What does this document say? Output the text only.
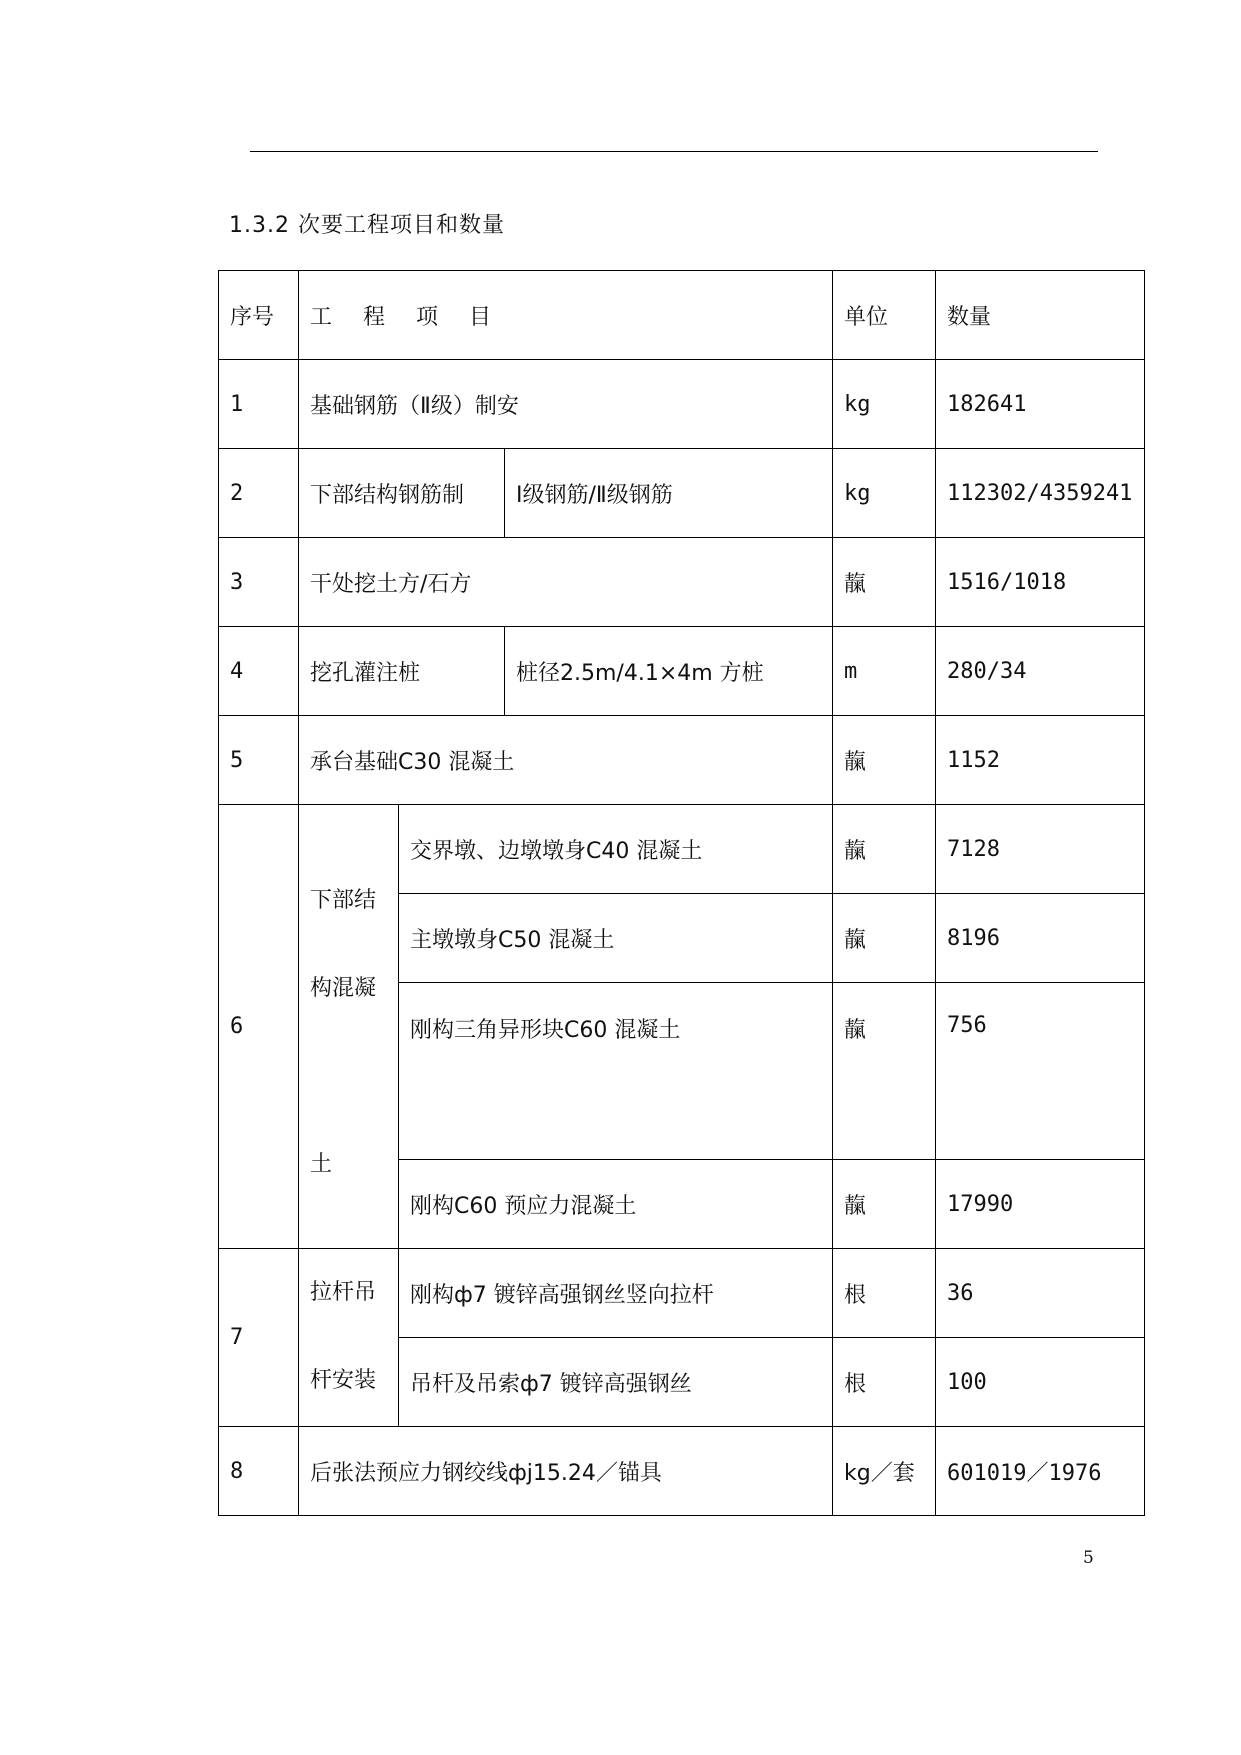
1.3.2 次要工程项目和数量
序号	工 程 项 目			单位	数量
1	基础钢筋（Ⅱ级）制安			kg	182641
2	下部结构钢筋制		Ⅰ级钢筋/Ⅱ级钢筋	kg	112302/4359241
3	干处挖土方/石方			靝	1516/1018
4	挖孔灌注桩		桩径2.5m/4.1×4m 方桩	m	280/34
5	承台基础C30 混凝土			靝	1152
6	下部结
构混凝
土	交界墩、边墩墩身C40 混凝土		靝	7128
		主墩墩身C50 混凝土		靝	8196
		刚构三角异形块C60 混凝土		靝	756
		刚构C60 预应力混凝土		靝	17990
7	拉杆吊
杆安装	刚构ф7 镀锌高强钢丝竖向拉杆		根	36
		吊杆及吊索ф7 镀锌高强钢丝		根	100
8	后张法预应力钢绞线фj15.24／锚具			kg／套	601019／1976
5
